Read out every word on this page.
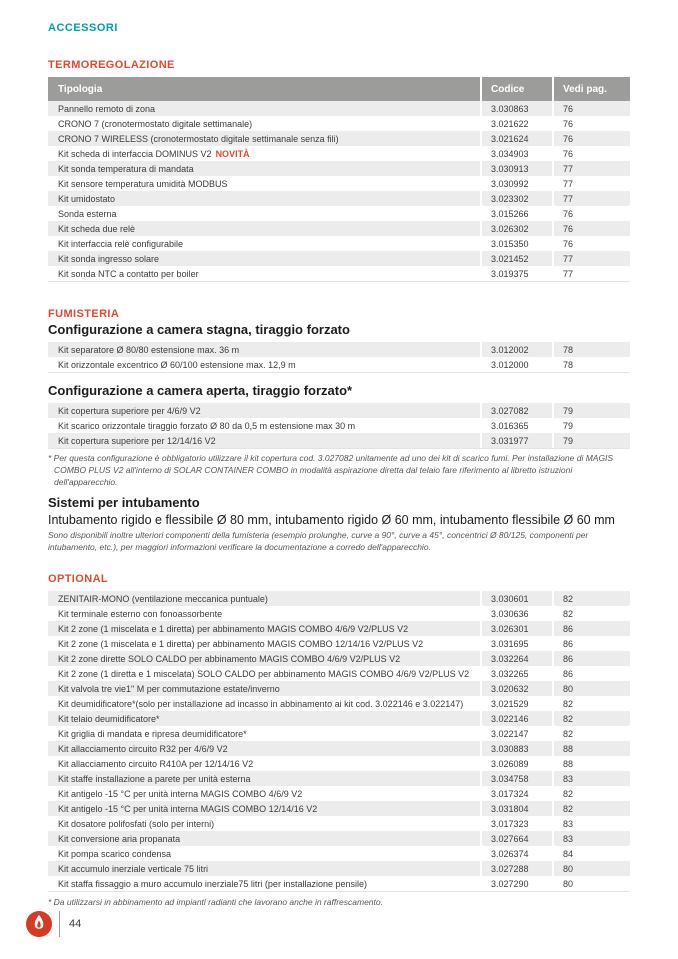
ACCESSORI
TERMOREGOLAZIONE
Tipologia	Codice	Vedi pag.
Pannello remoto di zona	3.030863	76
CRONO 7 (cronotermostato digitale settimanale)	3.021622	76
CRONO 7 WIRELESS (cronotermostato digitale settimanale senza fili)	3.021624	76
Kit scheda di interfaccia DOMINUS V2 NOVITÀ	3.034903	76
Kit sonda temperatura di mandata	3.030913	77
Kit sensore temperatura umidità MODBUS	3.030992	77
Kit umidostato	3.023302	77
Sonda esterna	3.015266	76
Kit scheda due relè	3.026302	76
Kit interfaccia relè configurabile	3.015350	76
Kit sonda ingresso solare	3.021452	77
Kit sonda NTC a contatto per boiler	3.019375	77
FUMISTERIA
Configurazione a camera stagna, tiraggio forzato
Kit separatore Ø 80/80 estensione max. 36 m	3.012002	78
Kit orizzontale excentrico Ø 60/100 estensione max. 12,9 m	3.012000	78
Configurazione a camera aperta, tiraggio forzato*
Kit copertura superiore per 4/6/9 V2	3.027082	79
Kit scarico orizzontale tiraggio forzato Ø 80 da 0,5 m estensione max 30 m	3.016365	79
Kit copertura superiore per 12/14/16 V2	3.031977	79
* Per questa configurazione è obbligatorio utilizzare il kit copertura cod. 3.027082 unitamente ad uno dei kit di scarico fumi. Per installazione di MAGIS COMBO PLUS V2 all'interno di SOLAR CONTAINER COMBO in modalità aspirazione diretta dal telaio fare riferimento al libretto istruzioni dell'apparecchio.
Sistemi per intubamento
Intubamento rigido e flessibile Ø 80 mm, intubamento rigido Ø 60 mm, intubamento flessibile Ø 60 mm
Sono disponibili inoltre ulteriori componenti della fumisteria (esempio prolunghe, curve a 90°, curve a 45°, concentrici Ø 80/125, componenti per intubamento, etc.), per maggiori informazioni verificare la documentazione a corredo dell'apparecchio.
OPTIONAL
ZENITAIR-MONO (ventilazione meccanica puntuale)	3.030601	82
Kit terminale esterno con fonoassorbente	3.030636	82
Kit 2 zone (1 miscelata e 1 diretta) per abbinamento MAGIS COMBO 4/6/9 V2/PLUS V2	3.026301	86
Kit 2 zone (1 miscelata e 1 diretta) per abbinamento MAGIS COMBO 12/14/16 V2/PLUS V2	3.031695	86
Kit 2 zone dirette SOLO CALDO per abbinamento MAGIS COMBO 4/6/9 V2/PLUS V2	3.032264	86
Kit 2 zone (1 diretta e 1 miscelata) SOLO CALDO per abbinamento MAGIS COMBO 4/6/9 V2/PLUS V2	3.032265	86
Kit valvola tre vie1" M per commutazione estate/inverno	3.020632	80
Kit deumidificatore*(solo per installazione ad incasso in abbinamento ai kit cod. 3.022146 e 3.022147)	3.021529	82
Kit telaio deumidificatore*	3.022146	82
Kit griglia di mandata e ripresa deumidificatore*	3.022147	82
Kit allacciamento circuito R32 per 4/6/9 V2	3.030883	88
Kit allacciamento circuito R410A per 12/14/16 V2	3.026089	88
Kit staffe installazione a parete per unità esterna	3.034758	83
Kit antigelo -15 °C per unità interna MAGIS COMBO 4/6/9 V2	3.017324	82
Kit antigelo -15 °C per unità interna MAGIS COMBO 12/14/16 V2	3.031804	82
Kit dosatore polifosfati (solo per interni)	3.017323	83
Kit conversione aria propanata	3.027664	83
Kit pompa scarico condensa	3.026374	84
Kit accumulo inerziale verticale 75 litri	3.027288	80
Kit staffa fissaggio a muro accumulo inerziale75 litri (per installazione pensile)	3.027290	80
* Da utilizzarsi in abbinamento ad impianti radianti che lavorano anche in raffrescamento.
44
